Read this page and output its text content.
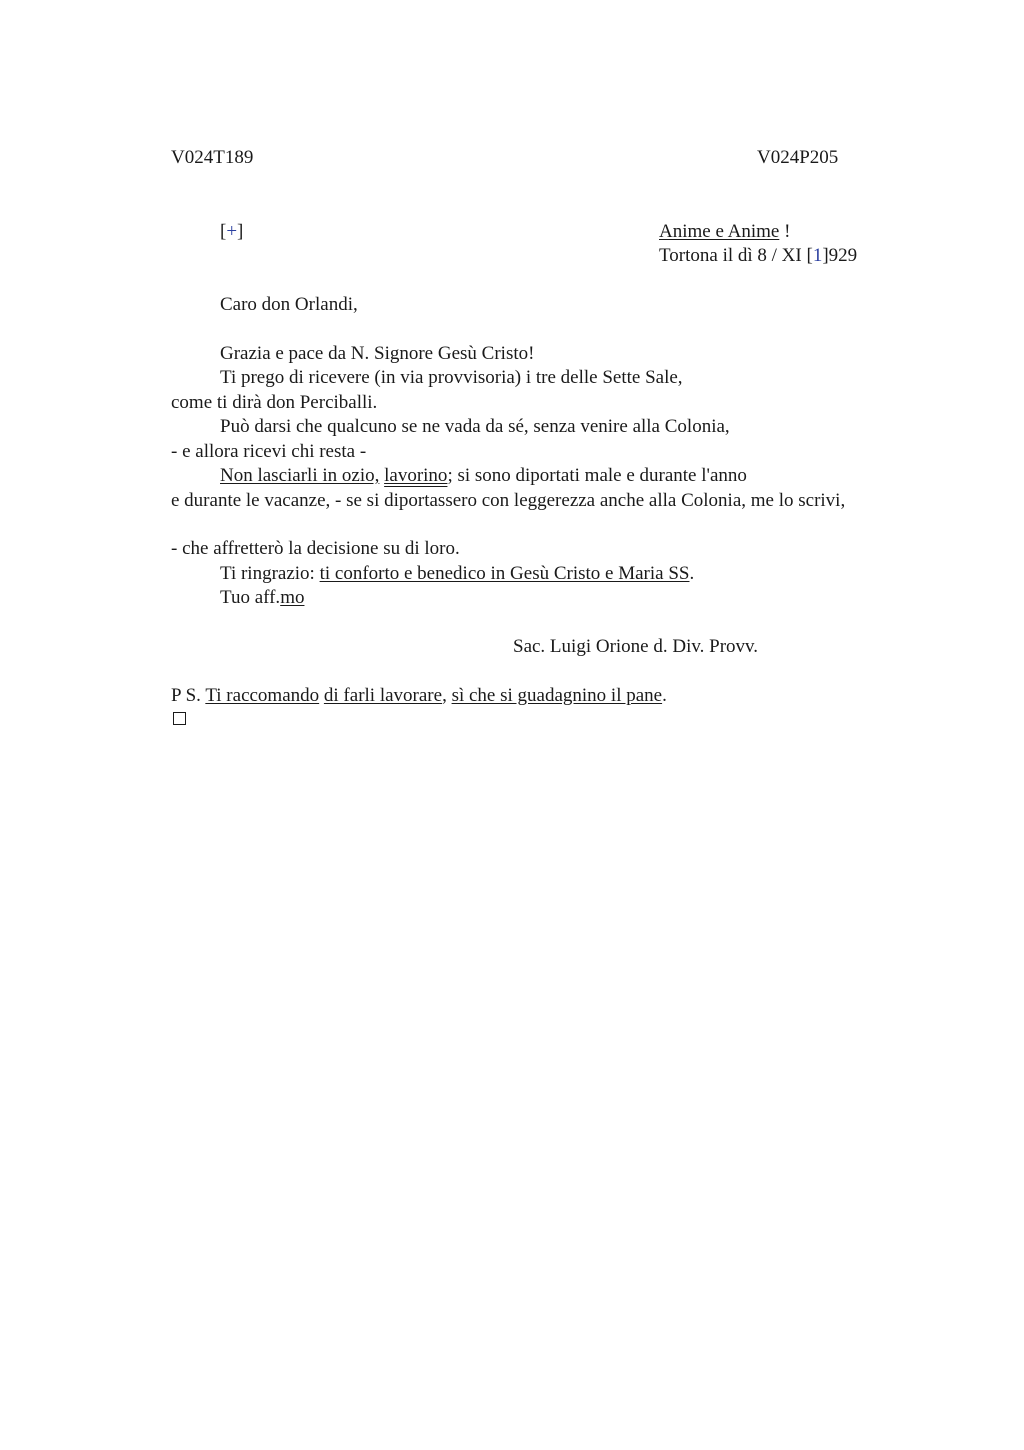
V024T189	V024P205
[+]	Anime e Anime !
Tortona il dì 8 / XI [1]929
Caro don Orlandi,
Grazia e pace da N. Signore Gesù Cristo!
Ti prego di ricevere (in via provvisoria) i tre delle Sette Sale,
come ti dirà don Perciballi.
Può darsi che qualcuno se ne vada da sé, senza venire alla Colonia,
- e allora ricevi chi resta -
Non lasciarli in ozio, lavorino; si sono diportati male e durante l'anno
e durante le vacanze, - se si diportassero con leggerezza anche alla Colonia, me lo scrivi,
- che affretterò la decisione su di loro.
Ti ringrazio: ti conforto e benedico in Gesù Cristo e Maria SS.
Tuo aff.mo
Sac. Luigi Orione d. Div. Provv.
P S. Ti raccomando di farli lavorare, sì che si guadagnino il pane.
